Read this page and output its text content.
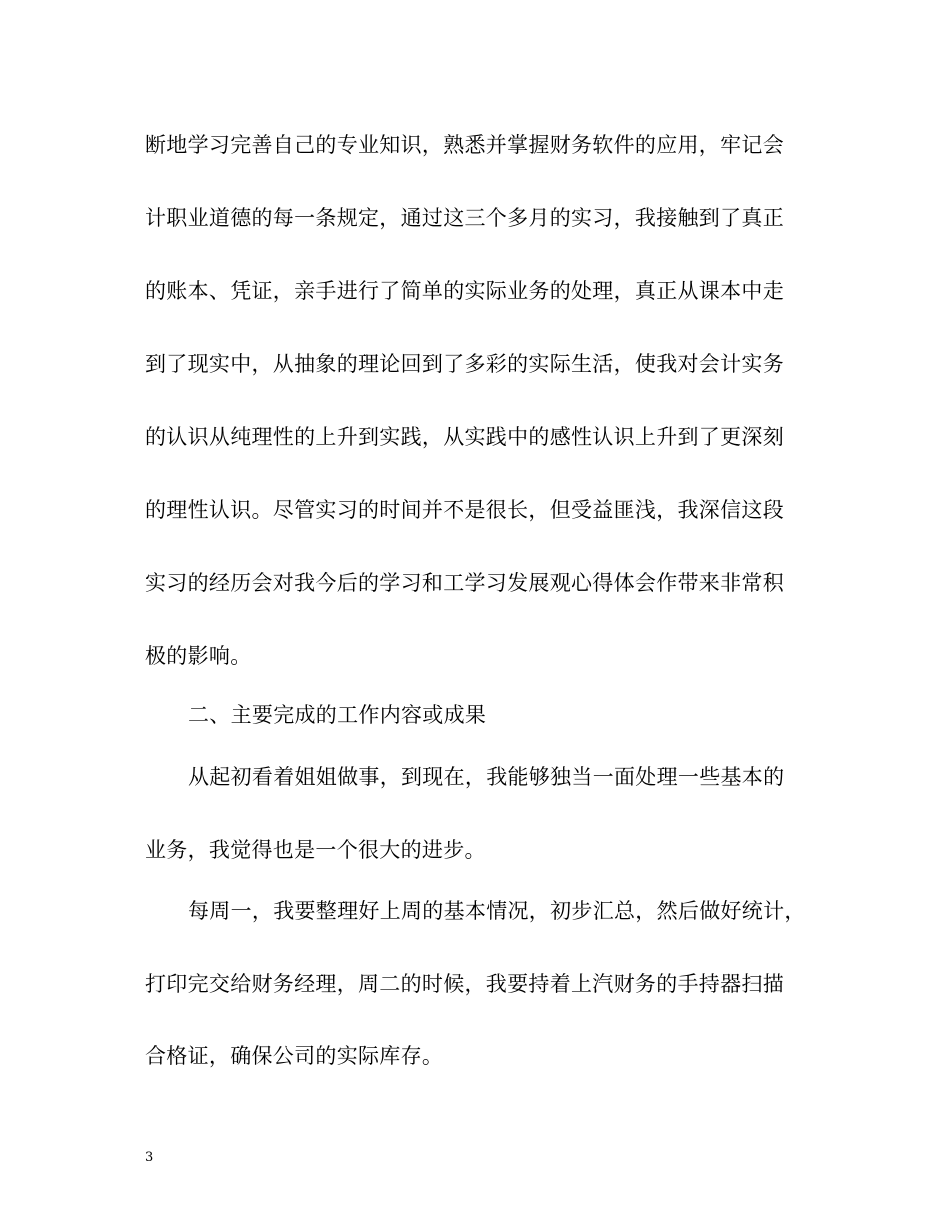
断地学习完善自己的专业知识，熟悉并掌握财务软件的应用，牢记会
计职业道德的每一条规定，通过这三个多月的实习，我接触到了真正
的账本、凭证，亲手进行了简单的实际业务的处理，真正从课本中走
到了现实中，从抽象的理论回到了多彩的实际生活，使我对会计实务
的认识从纯理性的上升到实践，从实践中的感性认识上升到了更深刻
的理性认识。尽管实习的时间并不是很长，但受益匪浅，我深信这段
实习的经历会对我今后的学习和工学习发展观心得体会作带来非常积
极的影响。
二、主要完成的工作内容或成果
从起初看着姐姐做事，到现在，我能够独当一面处理一些基本的
业务，我觉得也是一个很大的进步。
每周一，我要整理好上周的基本情况，初步汇总，然后做好统计，
打印完交给财务经理，周二的时候，我要持着上汽财务的手持器扫描
合格证，确保公司的实际库存。
3
